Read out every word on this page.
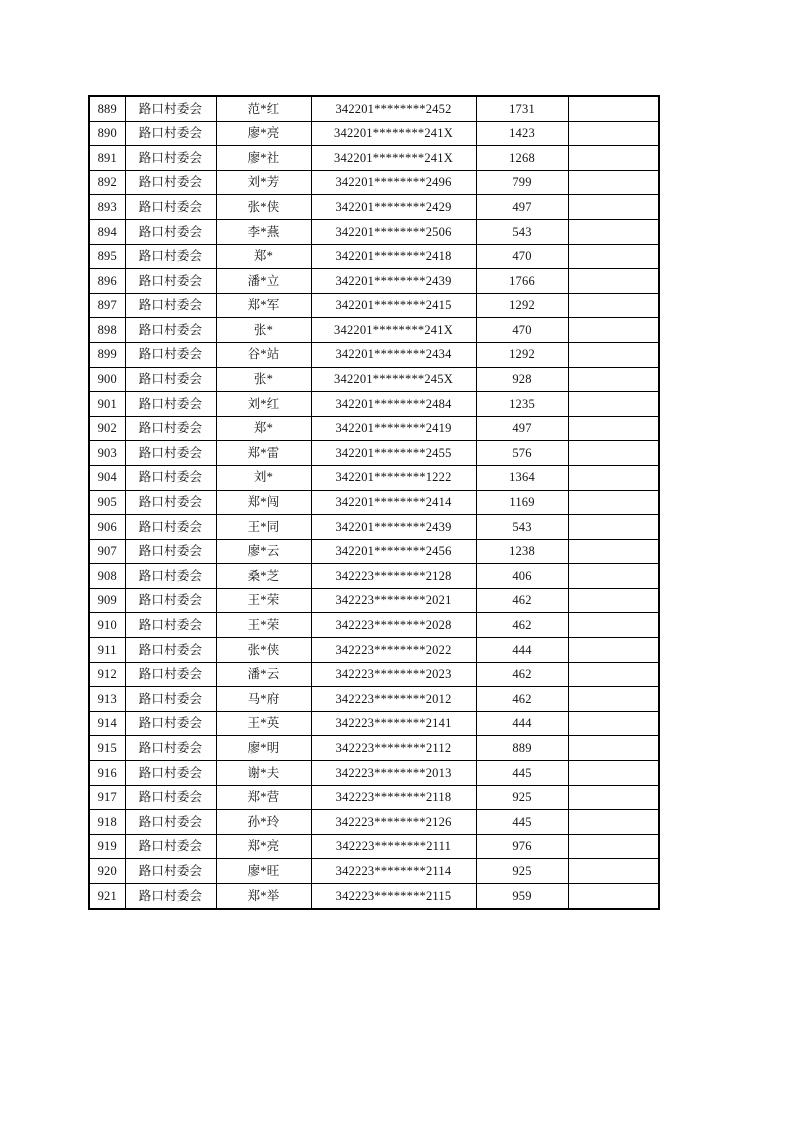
889	路口村委会	范*红	342201********2452	1731	
890	路口村委会	廖*亮	342201********241X	1423	
891	路口村委会	廖*社	342201********241X	1268	
892	路口村委会	刘*芳	342201********2496	799	
893	路口村委会	张*侠	342201********2429	497	
894	路口村委会	李*燕	342201********2506	543	
895	路口村委会	郑*	342201********2418	470	
896	路口村委会	潘*立	342201********2439	1766	
897	路口村委会	郑*军	342201********2415	1292	
898	路口村委会	张*	342201********241X	470	
899	路口村委会	谷*站	342201********2434	1292	
900	路口村委会	张*	342201********245X	928	
901	路口村委会	刘*红	342201********2484	1235	
902	路口村委会	郑*	342201********2419	497	
903	路口村委会	郑*雷	342201********2455	576	
904	路口村委会	刘*	342201********1222	1364	
905	路口村委会	郑*闯	342201********2414	1169	
906	路口村委会	王*同	342201********2439	543	
907	路口村委会	廖*云	342201********2456	1238	
908	路口村委会	桑*芝	342223********2128	406	
909	路口村委会	王*荣	342223********2021	462	
910	路口村委会	王*荣	342223********2028	462	
911	路口村委会	张*侠	342223********2022	444	
912	路口村委会	潘*云	342223********2023	462	
913	路口村委会	马*府	342223********2012	462	
914	路口村委会	王*英	342223********2141	444	
915	路口村委会	廖*明	342223********2112	889	
916	路口村委会	谢*夫	342223********2013	445	
917	路口村委会	郑*营	342223********2118	925	
918	路口村委会	孙*玲	342223********2126	445	
919	路口村委会	郑*亮	342223********2111	976	
920	路口村委会	廖*旺	342223********2114	925	
921	路口村委会	郑*举	342223********2115	959	
